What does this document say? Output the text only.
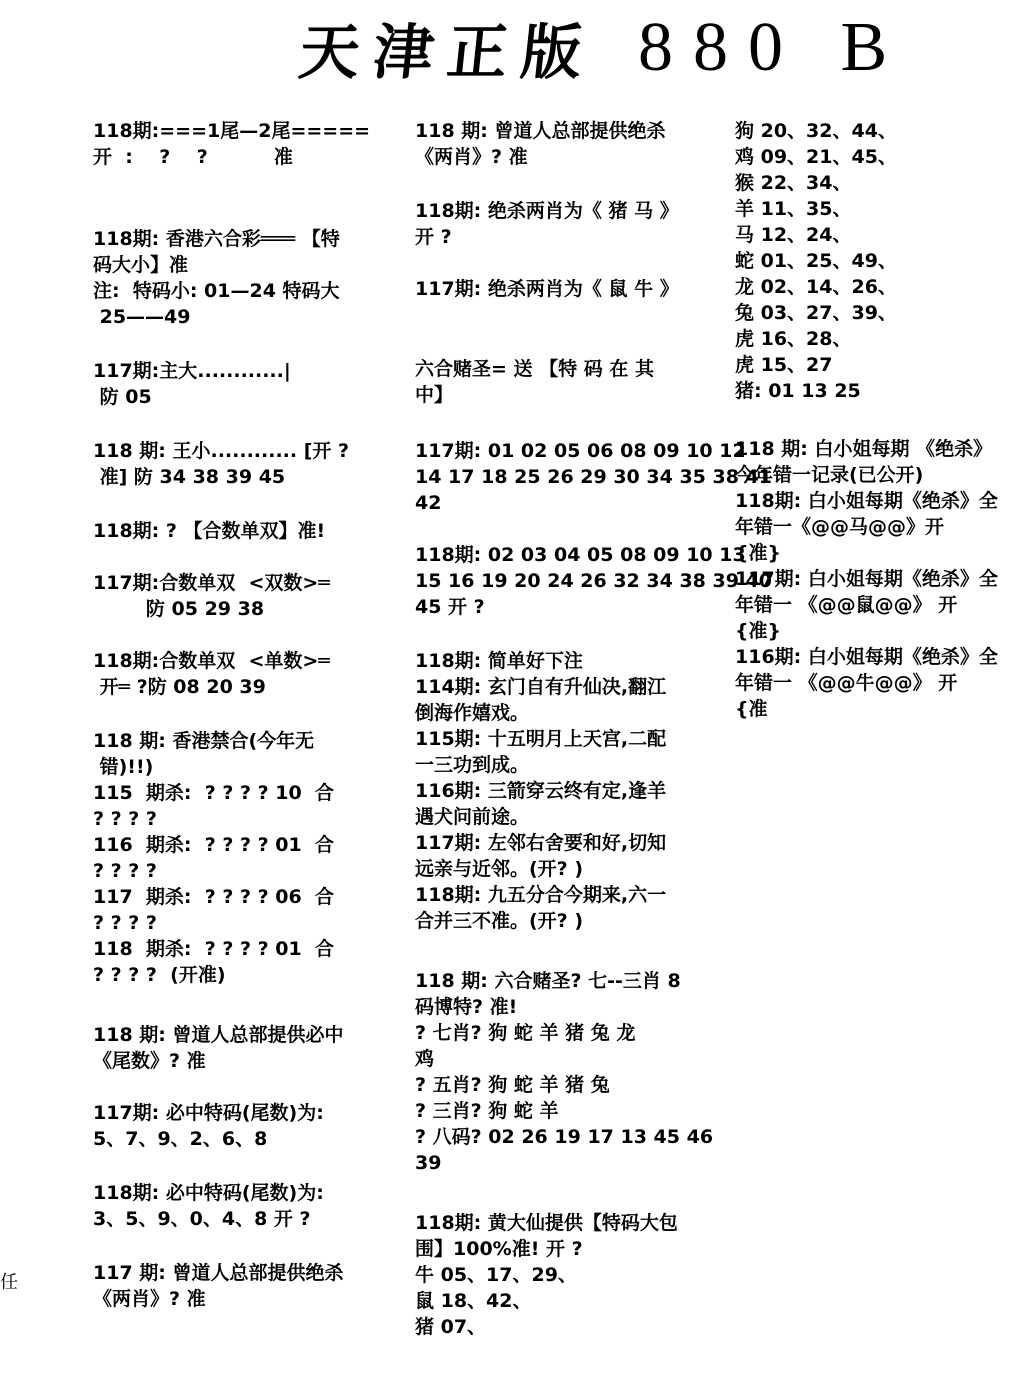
天津正版 880 B
118期:===1尾—2尾=====
开  :    ?    ?          准
118期: 香港六合彩═══ 【特
码大小】准
注:  特码小: 01—24 特码大
25——49
117期:主大............|
防 05
118 期: 王小............ [开 ?
准] 防 34 38 39 45
118期: ? 【合数单双】准!
117期:合数单双  <双数>═
防 05 29 38
118期:合数单双  <单数>═
开═ ?防 08 20 39
118 期: 香港禁合(今年无
错)!!)
115  期杀:  ? ? ? ? 10  合
? ? ? ?
116  期杀:  ? ? ? ? 01  合
? ? ? ?
117  期杀:  ? ? ? ? 06  合
? ? ? ?
118  期杀:  ? ? ? ? 01  合
? ? ? ?  (开准)
118 期: 曾道人总部提供必中
《尾数》? 准
117期: 必中特码(尾数)为:
5、7、9、2、6、8
118期: 必中特码(尾数)为:
3、5、9、0、4、8 开 ?
117 期: 曾道人总部提供绝杀
《两肖》? 准
118 期: 曾道人总部提供绝杀
《两肖》? 准
118期: 绝杀两肖为《 猪 马 》
开 ?
117期: 绝杀两肖为《 鼠 牛 》
六合赌圣= 送 【特 码 在 其
中】
117期: 01 02 05 06 08 09 10 12
14 17 18 25 26 29 30 34 35 38 41
42
118期: 02 03 04 05 08 09 10 13
15 16 19 20 24 26 32 34 38 39 40
45 开 ?
118期: 简单好下注
114期: 玄门自有升仙决,翻江
倒海作嬉戏。
115期: 十五明月上天宫,二配
一三功到成。
116期: 三箭穿云终有定,逢羊
遇犬问前途。
117期: 左邻右舍要和好,切知
远亲与近邻。(开? )
118期: 九五分合今期来,六一
合并三不准。(开? )
118 期: 六合赌圣? 七--三肖 8
码博特? 准!
? 七肖? 狗 蛇 羊 猪 兔 龙
鸡
? 五肖? 狗 蛇 羊 猪 兔
? 三肖? 狗 蛇 羊
? 八码? 02 26 19 17 13 45 46
39
118期: 黄大仙提供【特码大包
围】100%准! 开 ?
牛 05、17、29、
鼠 18、42、
猪 07、
狗 20、32、44、
鸡 09、21、45、
猴 22、34、
羊 11、35、
马 12、24、
蛇 01、25、49、
龙 02、14、26、
兔 03、27、39、
虎 16、28、
虎 15、27
猪: 01 13 25
118 期: 白小姐每期 《绝杀》
今年错一记录(已公开)
118期: 白小姐每期《绝杀》全
年错一《@@马@@》开
{准}
117期: 白小姐每期《绝杀》全
年错一 《@@鼠@@》 开
{准}
116期: 白小姐每期《绝杀》全
年错一 《@@牛@@》 开
{准
任
